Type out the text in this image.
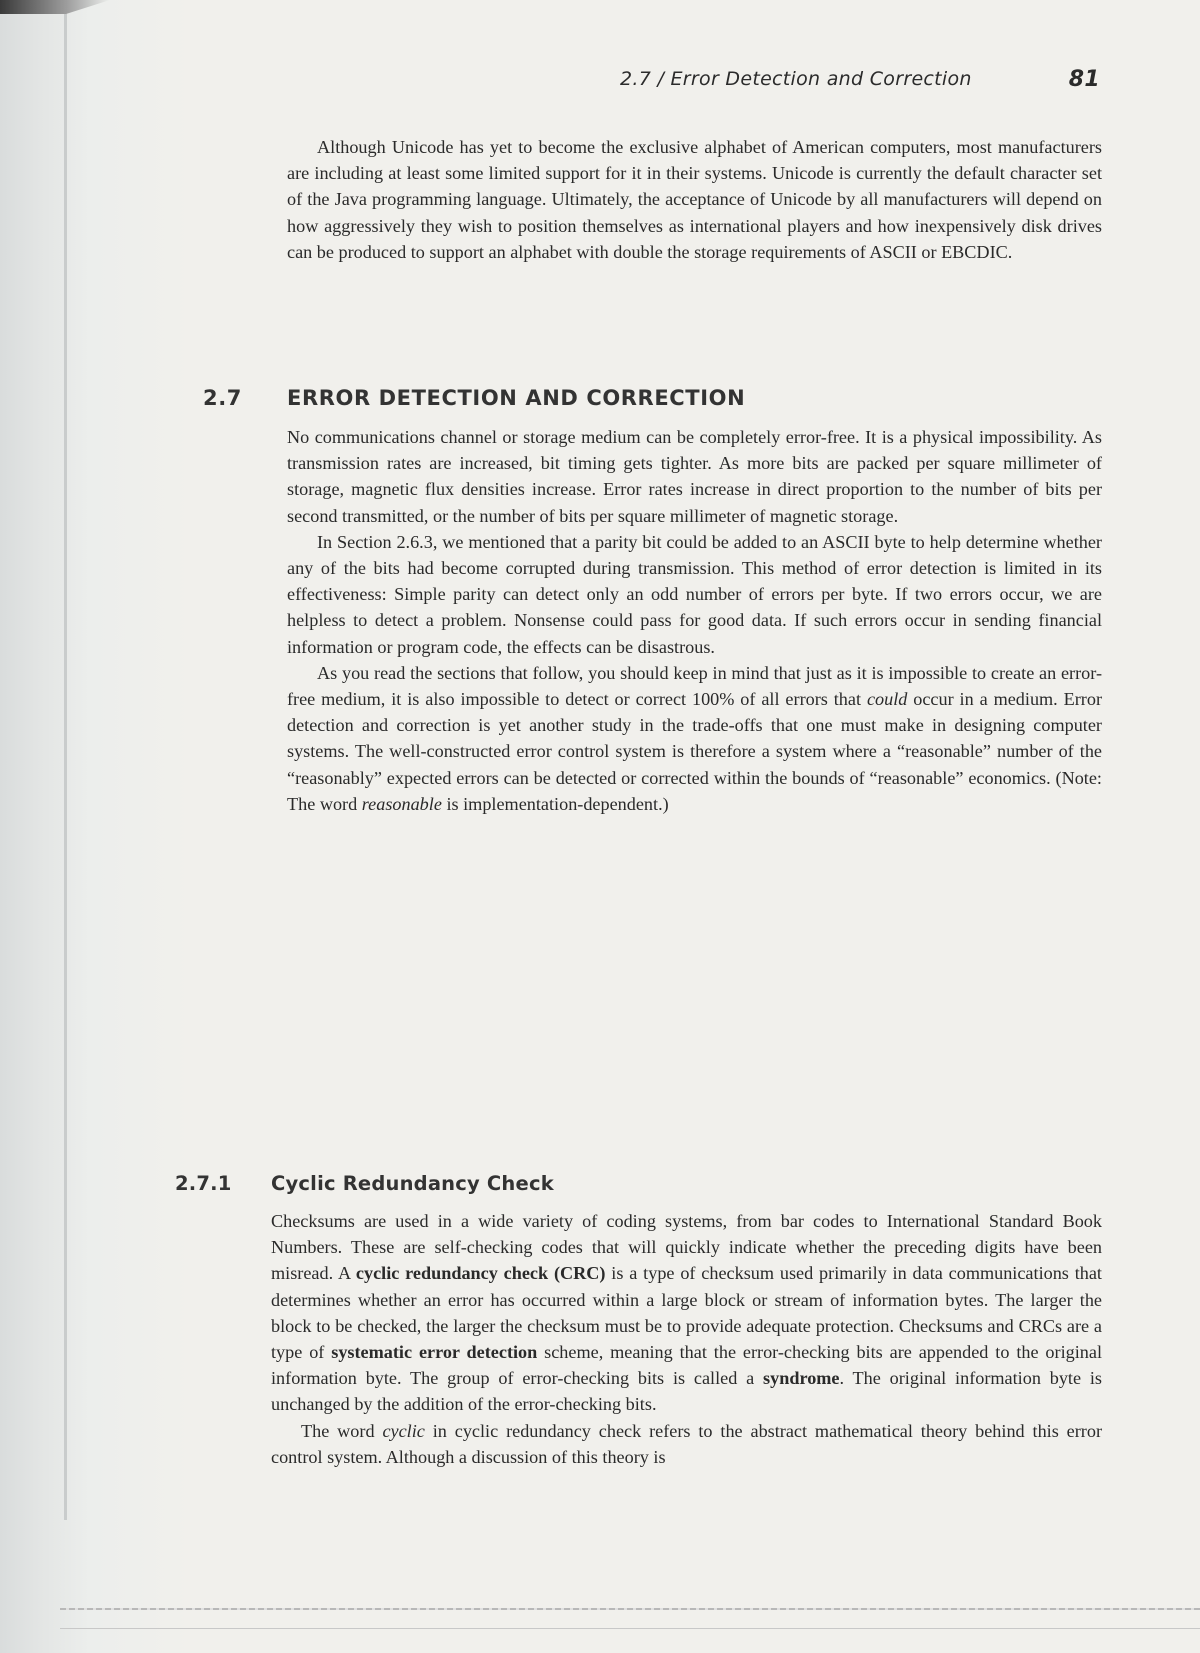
2.7 / Error Detection and Correction	81

Although Unicode has yet to become the exclusive alphabet of American computers, most manufacturers are including at least some limited support for it in their systems. Unicode is currently the default character set of the Java programming language. Ultimately, the acceptance of Unicode by all manufacturers will depend on how aggressively they wish to position themselves as international players and how inexpensively disk drives can be produced to support an alphabet with double the storage requirements of ASCII or EBCDIC.

2.7 ERROR DETECTION AND CORRECTION

No communications channel or storage medium can be completely error-free. It is a physical impossibility. As transmission rates are increased, bit timing gets tighter. As more bits are packed per square millimeter of storage, magnetic flux densities increase. Error rates increase in direct proportion to the number of bits per second transmitted, or the number of bits per square millimeter of magnetic storage.

In Section 2.6.3, we mentioned that a parity bit could be added to an ASCII byte to help determine whether any of the bits had become corrupted during transmission. This method of error detection is limited in its effectiveness: Simple parity can detect only an odd number of errors per byte. If two errors occur, we are helpless to detect a problem. Nonsense could pass for good data. If such errors occur in sending financial information or program code, the effects can be disastrous.

As you read the sections that follow, you should keep in mind that just as it is impossible to create an error-free medium, it is also impossible to detect or correct 100% of all errors that could occur in a medium. Error detection and correction is yet another study in the trade-offs that one must make in designing computer systems. The well-constructed error control system is therefore a system where a “reasonable” number of the “reasonably” expected errors can be detected or corrected within the bounds of “reasonable” economics. (Note: The word reasonable is implementation-dependent.)

2.7.1 Cyclic Redundancy Check

Checksums are used in a wide variety of coding systems, from bar codes to International Standard Book Numbers. These are self-checking codes that will quickly indicate whether the preceding digits have been misread. A cyclic redundancy check (CRC) is a type of checksum used primarily in data communications that determines whether an error has occurred within a large block or stream of information bytes. The larger the block to be checked, the larger the checksum must be to provide adequate protection. Checksums and CRCs are a type of systematic error detection scheme, meaning that the error-checking bits are appended to the original information byte. The group of error-checking bits is called a syndrome. The original information byte is unchanged by the addition of the error-checking bits.

The word cyclic in cyclic redundancy check refers to the abstract mathematical theory behind this error control system. Although a discussion of this theory is
